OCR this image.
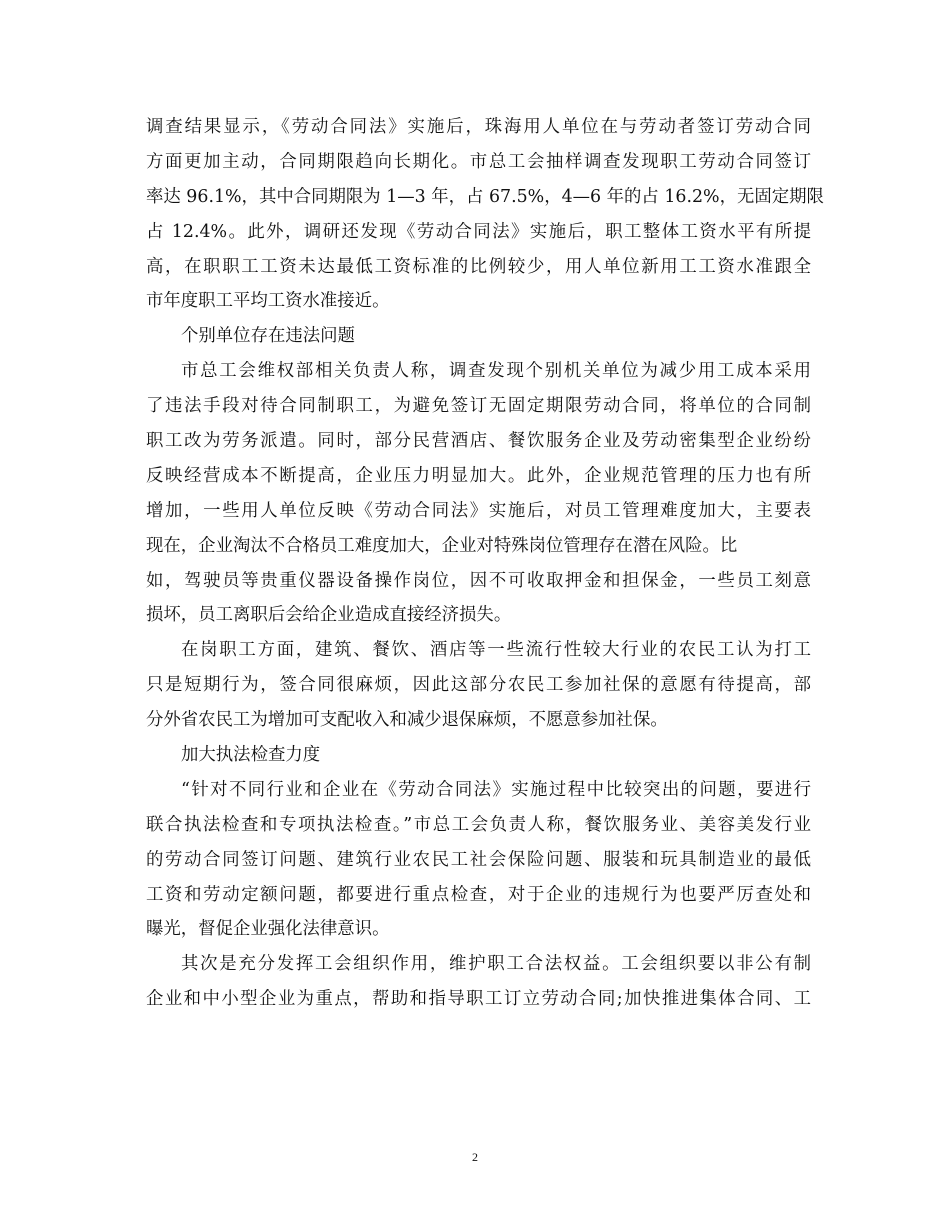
调查结果显示，《劳动合同法》实施后，珠海用人单位在与劳动者签订劳动合同
方面更加主动，合同期限趋向长期化。市总工会抽样调查发现职工劳动合同签订
率达 96.1%，其中合同期限为 1—3 年，占 67.5%，4—6 年的占 16.2%，无固定期限
占 12.4%。此外，调研还发现《劳动合同法》实施后，职工整体工资水平有所提
高，在职职工工资未达最低工资标准的比例较少，用人单位新用工工资水准跟全
市年度职工平均工资水准接近。
个别单位存在违法问题
市总工会维权部相关负责人称，调查发现个别机关单位为减少用工成本采用
了违法手段对待合同制职工，为避免签订无固定期限劳动合同，将单位的合同制
职工改为劳务派遣。同时，部分民营酒店、餐饮服务企业及劳动密集型企业纷纷
反映经营成本不断提高，企业压力明显加大。此外，企业规范管理的压力也有所
增加，一些用人单位反映《劳动合同法》实施后，对员工管理难度加大，主要表
现在，企业淘汰不合格员工难度加大，企业对特殊岗位管理存在潜在风险。比
如，驾驶员等贵重仪器设备操作岗位，因不可收取押金和担保金，一些员工刻意
损坏，员工离职后会给企业造成直接经济损失。
在岗职工方面，建筑、餐饮、酒店等一些流行性较大行业的农民工认为打工
只是短期行为，签合同很麻烦，因此这部分农民工参加社保的意愿有待提高，部
分外省农民工为增加可支配收入和减少退保麻烦，不愿意参加社保。
加大执法检查力度
“针对不同行业和企业在《劳动合同法》实施过程中比较突出的问题，要进行
联合执法检查和专项执法检查。”市总工会负责人称，餐饮服务业、美容美发行业
的劳动合同签订问题、建筑行业农民工社会保险问题、服装和玩具制造业的最低
工资和劳动定额问题，都要进行重点检查，对于企业的违规行为也要严厉查处和
曝光，督促企业强化法律意识。
其次是充分发挥工会组织作用，维护职工合法权益。工会组织要以非公有制
企业和中小型企业为重点，帮助和指导职工订立劳动合同;加快推进集体合同、工
2
